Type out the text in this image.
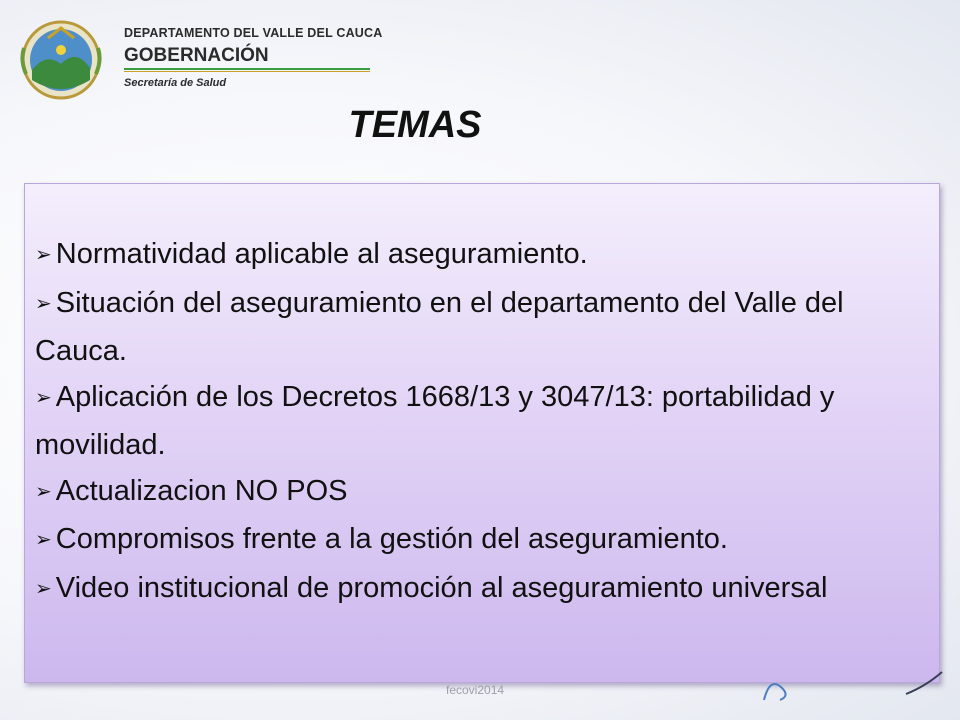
DEPARTAMENTO DEL VALLE DEL CAUCA
GOBERNACIÓN
Secretaría de Salud
TEMAS
➢ Normatividad aplicable al aseguramiento.
➢ Situación del aseguramiento en el departamento del Valle del Cauca.
➢ Aplicación de los Decretos 1668/13 y 3047/13: portabilidad y movilidad.
➢ Actualizacion NO POS
➢ Compromisos frente a la gestión del aseguramiento.
➢ Video institucional de promoción al aseguramiento universal
fecovi2014
